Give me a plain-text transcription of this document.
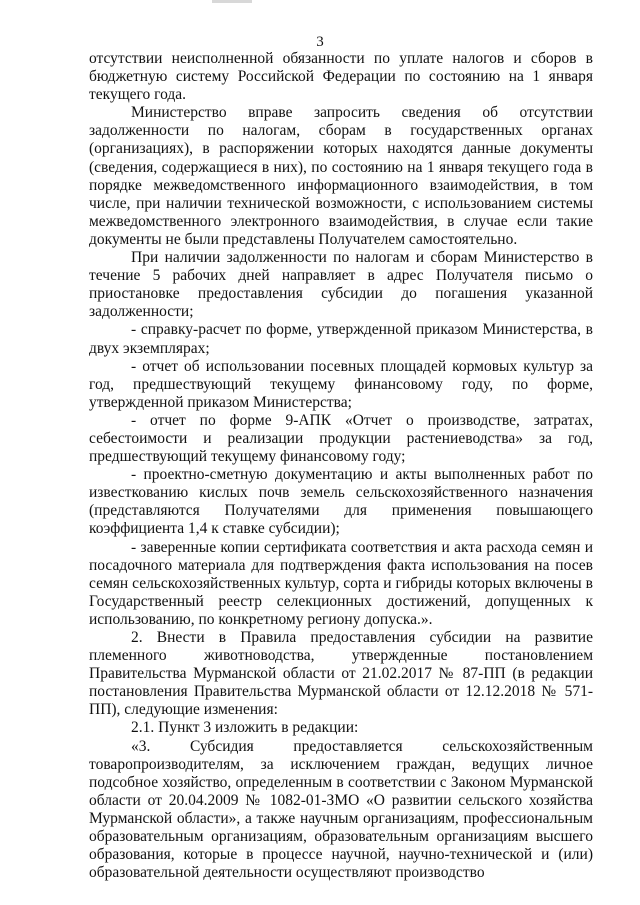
3

отсутствии неисполненной обязанности по уплате налогов и сборов в бюджетную систему Российской Федерации по состоянию на 1 января текущего года.

Министерство вправе запросить сведения об отсутствии задолженности по налогам, сборам в государственных органах (организациях), в распоряжении которых находятся данные документы (сведения, содержащиеся в них), по состоянию на 1 января текущего года в порядке межведомственного информационного взаимодействия, в том числе, при наличии технической возможности, с использованием системы межведомственного электронного взаимодействия, в случае если такие документы не были представлены Получателем самостоятельно.

При наличии задолженности по налогам и сборам Министерство в течение 5 рабочих дней направляет в адрес Получателя письмо о приостановке предоставления субсидии до погашения указанной задолженности;

- справку-расчет по форме, утвержденной приказом Министерства, в двух экземплярах;

- отчет об использовании посевных площадей кормовых культур за год, предшествующий текущему финансовому году, по форме, утвержденной приказом Министерства;

- отчет по форме 9-АПК «Отчет о производстве, затратах, себестоимости и реализации продукции растениеводства» за год, предшествующий текущему финансовому году;

- проектно-сметную документацию и акты выполненных работ по известкованию кислых почв земель сельскохозяйственного назначения (представляются Получателями для применения повышающего коэффициента 1,4 к ставке субсидии);

- заверенные копии сертификата соответствия и акта расхода семян и посадочного материала для подтверждения факта использования на посев семян сельскохозяйственных культур, сорта и гибриды которых включены в Государственный реестр селекционных достижений, допущенных к использованию, по конкретному региону допуска.».

2. Внести в Правила предоставления субсидии на развитие племенного животноводства, утвержденные постановлением Правительства Мурманской области от 21.02.2017 № 87-ПП (в редакции постановления Правительства Мурманской области от 12.12.2018 № 571-ПП), следующие изменения:

2.1. Пункт 3 изложить в редакции:

«3. Субсидия предоставляется сельскохозяйственным товаропроизводителям, за исключением граждан, ведущих личное подсобное хозяйство, определенным в соответствии с Законом Мурманской области от 20.04.2009 № 1082-01-ЗМО «О развитии сельского хозяйства Мурманской области», а также научным организациям, профессиональным образовательным организациям, образовательным организациям высшего образования, которые в процессе научной, научно-технической и (или) образовательной деятельности осуществляют производство
